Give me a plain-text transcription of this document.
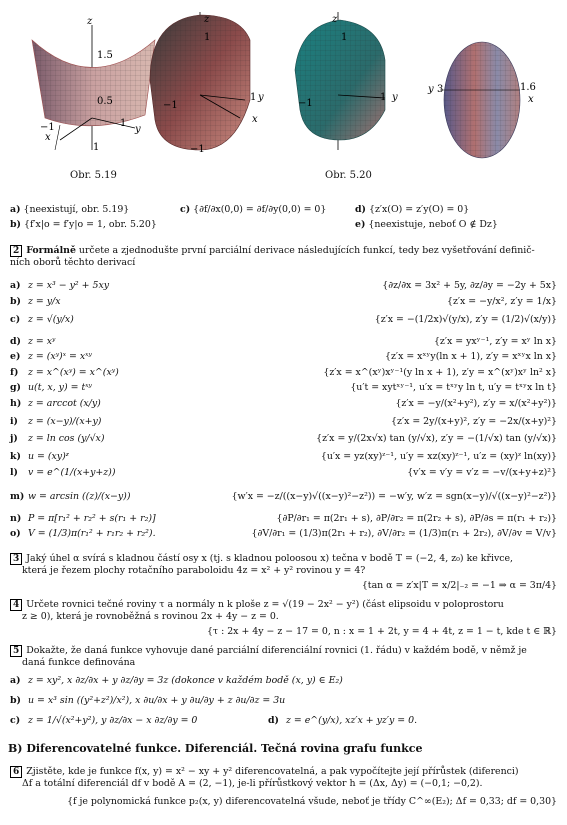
z
1.5
0.5
−1	1
y
x
1
z
1
−1
1 y
x
−1
z
1
−1
1 y
y 3	1.6
x
Obr. 5.19	Obr. 5.20
a) {neexistují, obr. 5.19}	c) {∂f/∂x(0,0) = ∂f/∂y(0,0) = 0}	d) {z′x(O) = z′y(O) = 0}
b) {f′x|o = f′y|o = 1, obr. 5.20}	e) {neexistuje, neboť O ∉ Dz}
2 Formálně určete a zjednodušte první parciální derivace následujících funkcí, tedy bez vyšetřování definič-
ních oborů těchto derivací
a) z = x³ − y² + 5xy	{∂z/∂x = 3x² + 5y, ∂z/∂y = −2y + 5x}
b) z = y/x	{z′x = −y/x², z′y = 1/x}
c) z = √(y/x)	{z′x = −(1/2x)√(y/x), z′y = (1/2)√(x/y)}
d) z = xʸ	{z′x = yxʸ⁻¹, z′y = xʸ ln x}
e) z = (xʸ)ˣ = xˣʸ	{z′x = xˣʸy(ln x + 1), z′y = xˣʸx ln x}
f) z = x^(xʸ) = x^(xʸ)	{z′x = x^(xʸ)xʸ⁻¹(y ln x + 1), z′y = x^(xʸ)xʸ ln² x}
g) u(t, x, y) = tˣʸ	{u′t = xytˣʸ⁻¹, u′x = tˣʸy ln t, u′y = tˣʸx ln t}
h) z = arccot (x/y)	{z′x = −y/(x²+y²), z′y = x/(x²+y²)}
i) z = (x−y)/(x+y)	{z′x = 2y/(x+y)², z′y = −2x/(x+y)²}
j) z = ln cos (y/√x)	{z′x = y/(2x√x) tan (y/√x), z′y = −(1/√x) tan (y/√x)}
k) u = (xy)ᶻ	{u′x = yz(xy)ᶻ⁻¹, u′y = xz(xy)ᶻ⁻¹, u′z = (xy)ᶻ ln(xy)}
l) v = e^(1/(x+y+z))	{v′x = v′y = v′z = −v/(x+y+z)²}
m) w = arcsin ((z)/(x−y))	{w′x = −z/((x−y)√((x−y)²−z²)) = −w′y, w′z = sgn(x−y)/√((x−y)²−z²)}
n) P = π[r₁² + r₂² + s(r₁ + r₂)]	{∂P/∂r₁ = π(2r₁ + s), ∂P/∂r₂ = π(2r₂ + s), ∂P/∂s = π(r₁ + r₂)}
o) V = (1/3)π(r₁² + r₁r₂ + r₂²).	{∂V/∂r₁ = (1/3)π(2r₁ + r₂), ∂V/∂r₂ = (1/3)π(r₁ + 2r₂), ∂V/∂v = V/v}
3 Jaký úhel α svírá s kladnou částí osy x (tj. s kladnou poloosou x) tečna v bodě T = (−2, 4, z₀) ke křivce,
která je řezem plochy rotačního paraboloidu 4z = x² + y² rovinou y = 4?
{tan α = z′x|T = x/2|₋₂ = −1 ⇒ α = 3π/4}
4 Určete rovnici tečné roviny τ a normály n k ploše z = √(19 − 2x² − y²) (část elipsoidu v poloprostoru
z ≥ 0), která je rovnoběžná s rovinou 2x + 4y − z = 0.
{τ : 2x + 4y − z − 17 = 0, n : x = 1 + 2t, y = 4 + 4t, z = 1 − t, kde t ∈ ℝ}
5 Dokažte, že daná funkce vyhovuje dané parciální diferenciální rovnici (1. řádu) v každém bodě, v němž je
daná funkce definována
a) z = xy², x ∂z/∂x + y ∂z/∂y = 3z (dokonce v každém bodě (x, y) ∈ E₂)
b) u = x³ sin ((y²+z²)/x²), x ∂u/∂x + y ∂u/∂y + z ∂u/∂z = 3u
c) z = 1/√(x²+y²), y ∂z/∂x − x ∂z/∂y = 0	d) z = e^(y/x), xz′x + yz′y = 0.
B) Diferencovatelné funkce. Diferenciál. Tečná rovina grafu funkce
6 Zjistěte, kde je funkce f(x, y) = x² − xy + y² diferencovatelná, a pak vypočítejte její přírůstek (diferenci)
Δf a totální diferenciál df v bodě A = (2, −1), je-li přírůstkový vektor h = (Δx, Δy) = (−0,1; −0,2).
{f je polynomická funkce p₂(x, y) diferencovatelná všude, neboť je třídy C^∞(E₂); Δf = 0,33; df = 0,30}
